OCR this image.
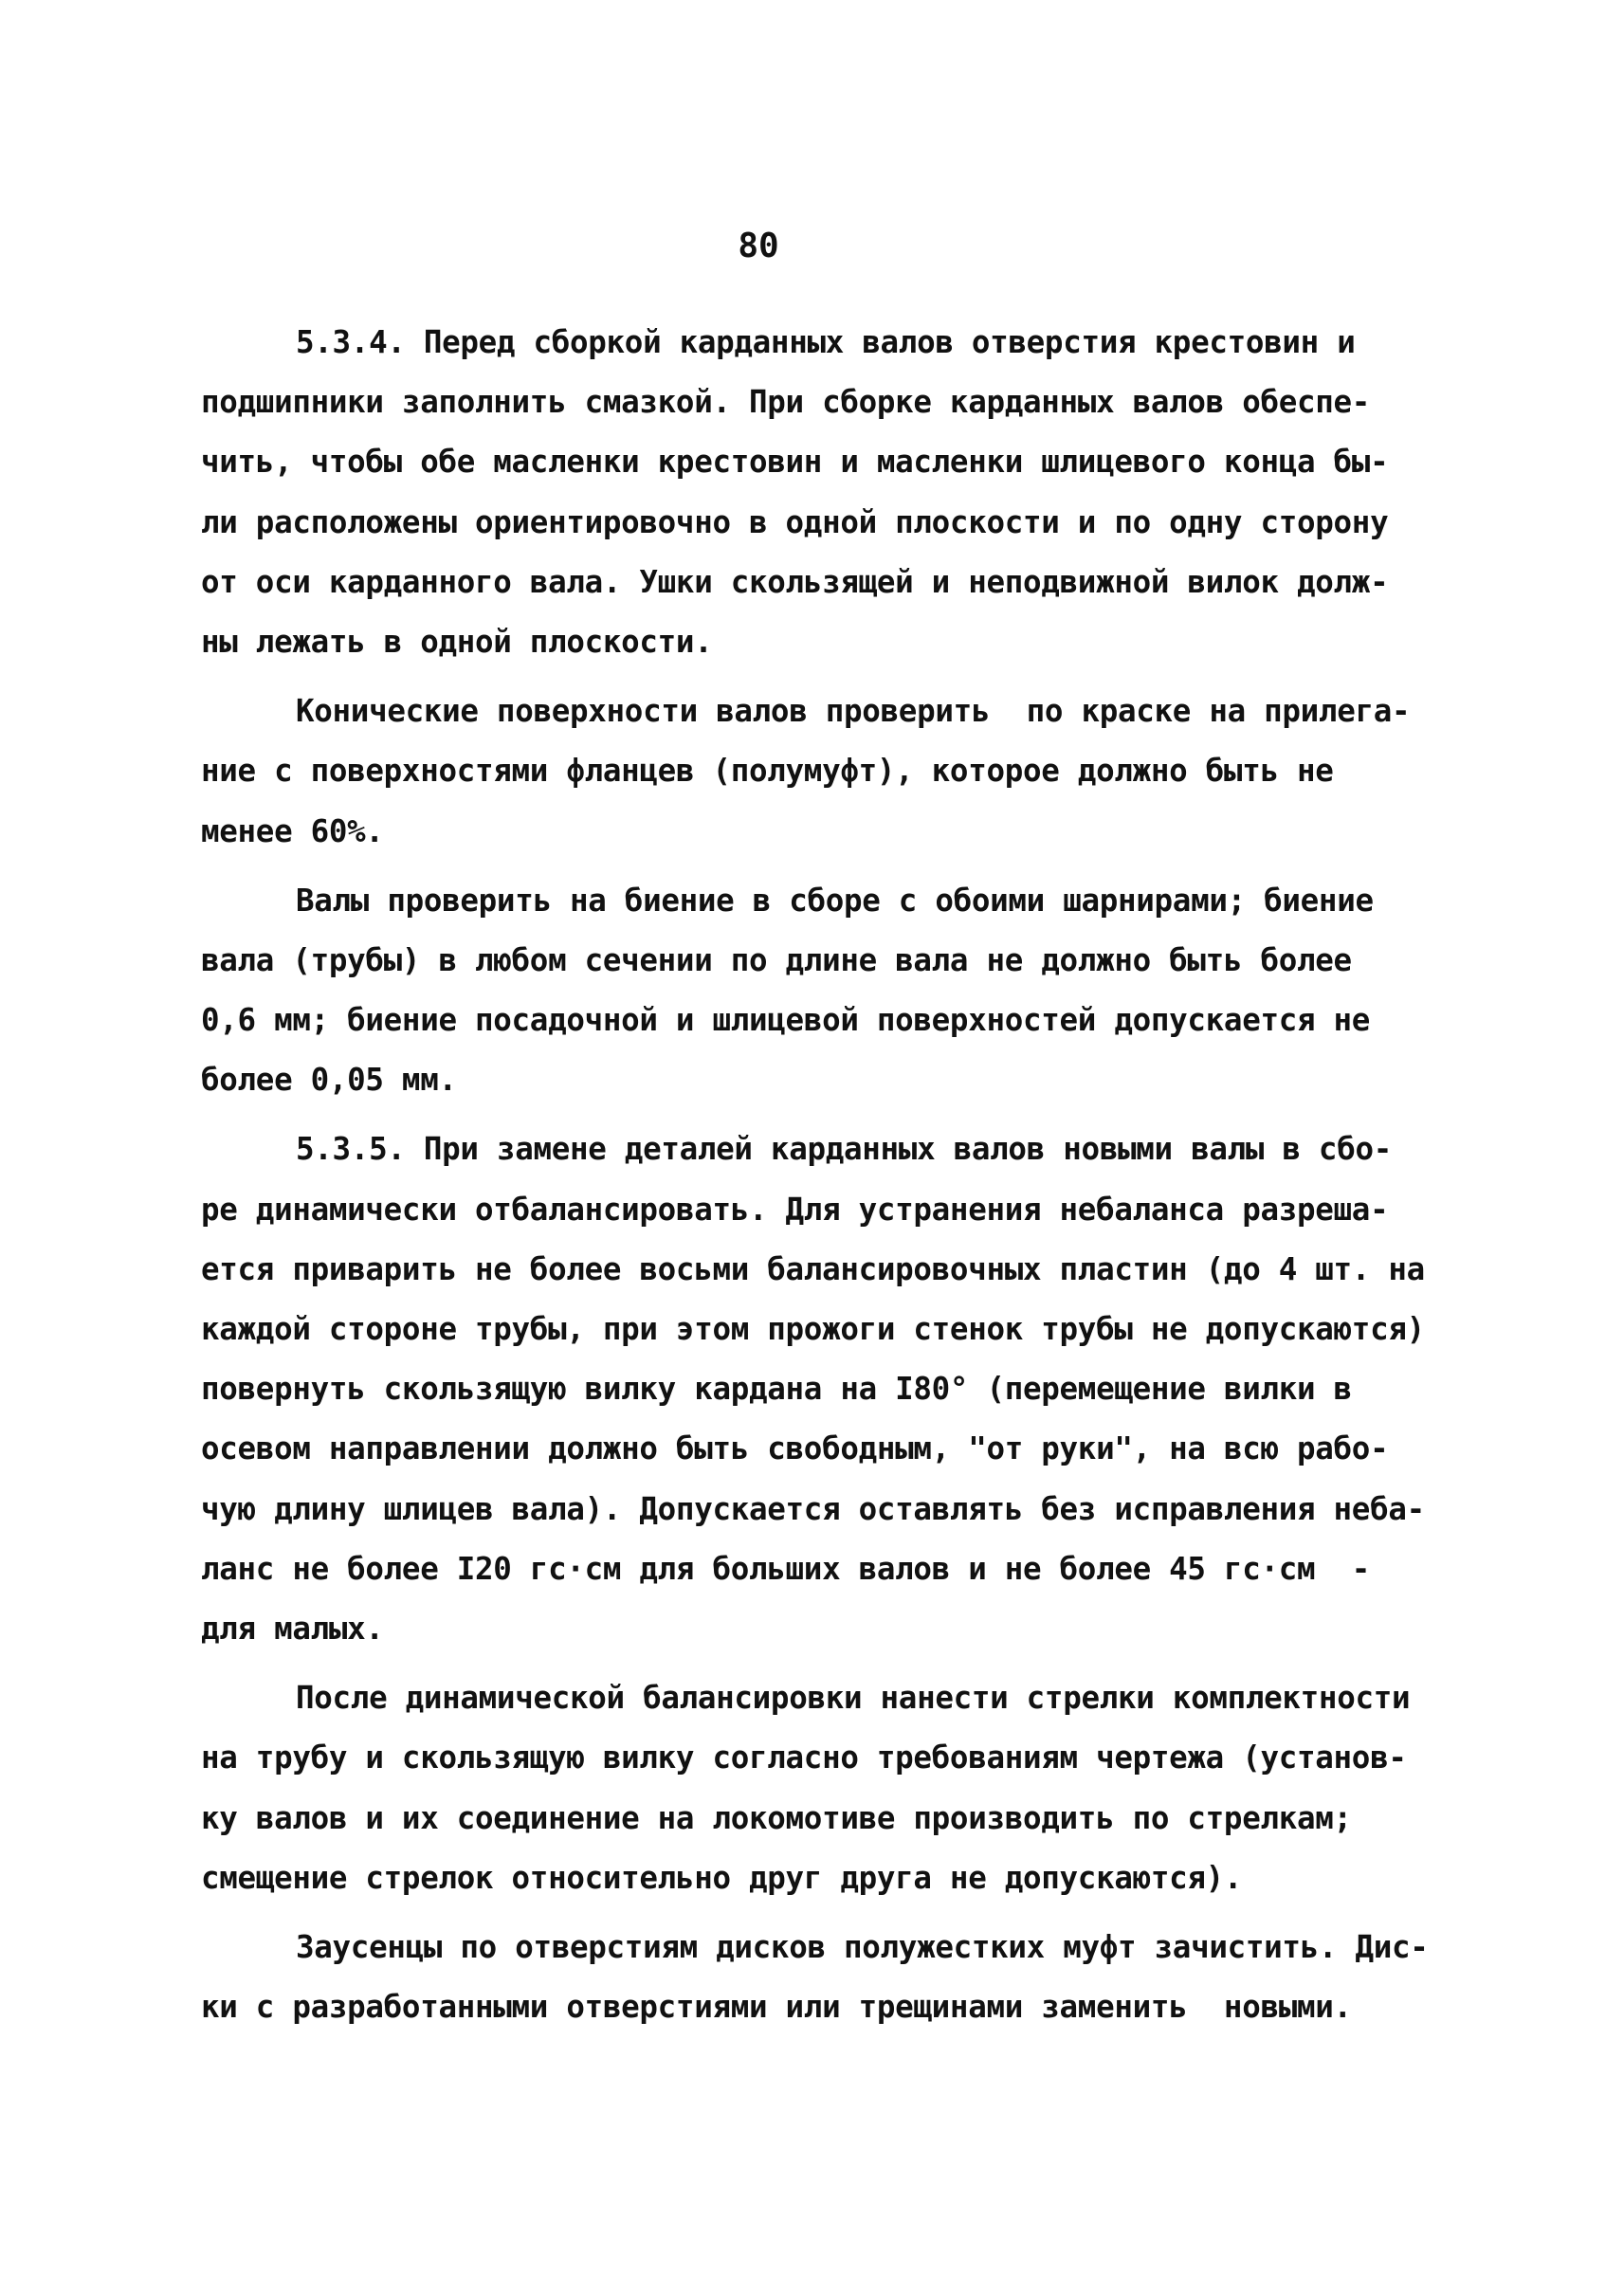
80
5.3.4. Перед сборкой карданных валов отверстия крестовин и
подшипники заполнить смазкой. При сборке карданных валов обеспе-
чить, чтобы обе масленки крестовин и масленки шлицевого конца бы-
ли расположены ориентировочно в одной плоскости и по одну сторону
от оси карданного вала. Ушки скользящей и неподвижной вилок долж-
ны лежать в одной плоскости.
Конические поверхности валов проверить  по краске на прилега-
ние с поверхностями фланцев (полумуфт), которое должно быть не
менее 60%.
Валы проверить на биение в сборе с обоими шарнирами; биение
вала (трубы) в любом сечении по длине вала не должно быть более
0,6 мм; биение посадочной и шлицевой поверхностей допускается не
более 0,05 мм.
5.3.5. При замене деталей карданных валов новыми валы в сбо-
ре динамически отбалансировать. Для устранения небаланса разреша-
ется приварить не более восьми балансировочных пластин (до 4 шт. на
каждой стороне трубы, при этом прожоги стенок трубы не допускаются)
повернуть скользящую вилку кардана на I80° (перемещение вилки в
осевом направлении должно быть свободным, "от руки", на всю рабо-
чую длину шлицев вала). Допускается оставлять без исправления неба-
ланс не более I20 гс·см для больших валов и не более 45 гс·см  -
для малых.
После динамической балансировки нанести стрелки комплектности
на трубу и скользящую вилку согласно требованиям чертежа (установ-
ку валов и их соединение на локомотиве производить по стрелкам;
смещение стрелок относительно друг друга не допускаются).
Заусенцы по отверстиям дисков полужестких муфт зачистить. Дис-
ки с разработанными отверстиями или трещинами заменить  новыми.
